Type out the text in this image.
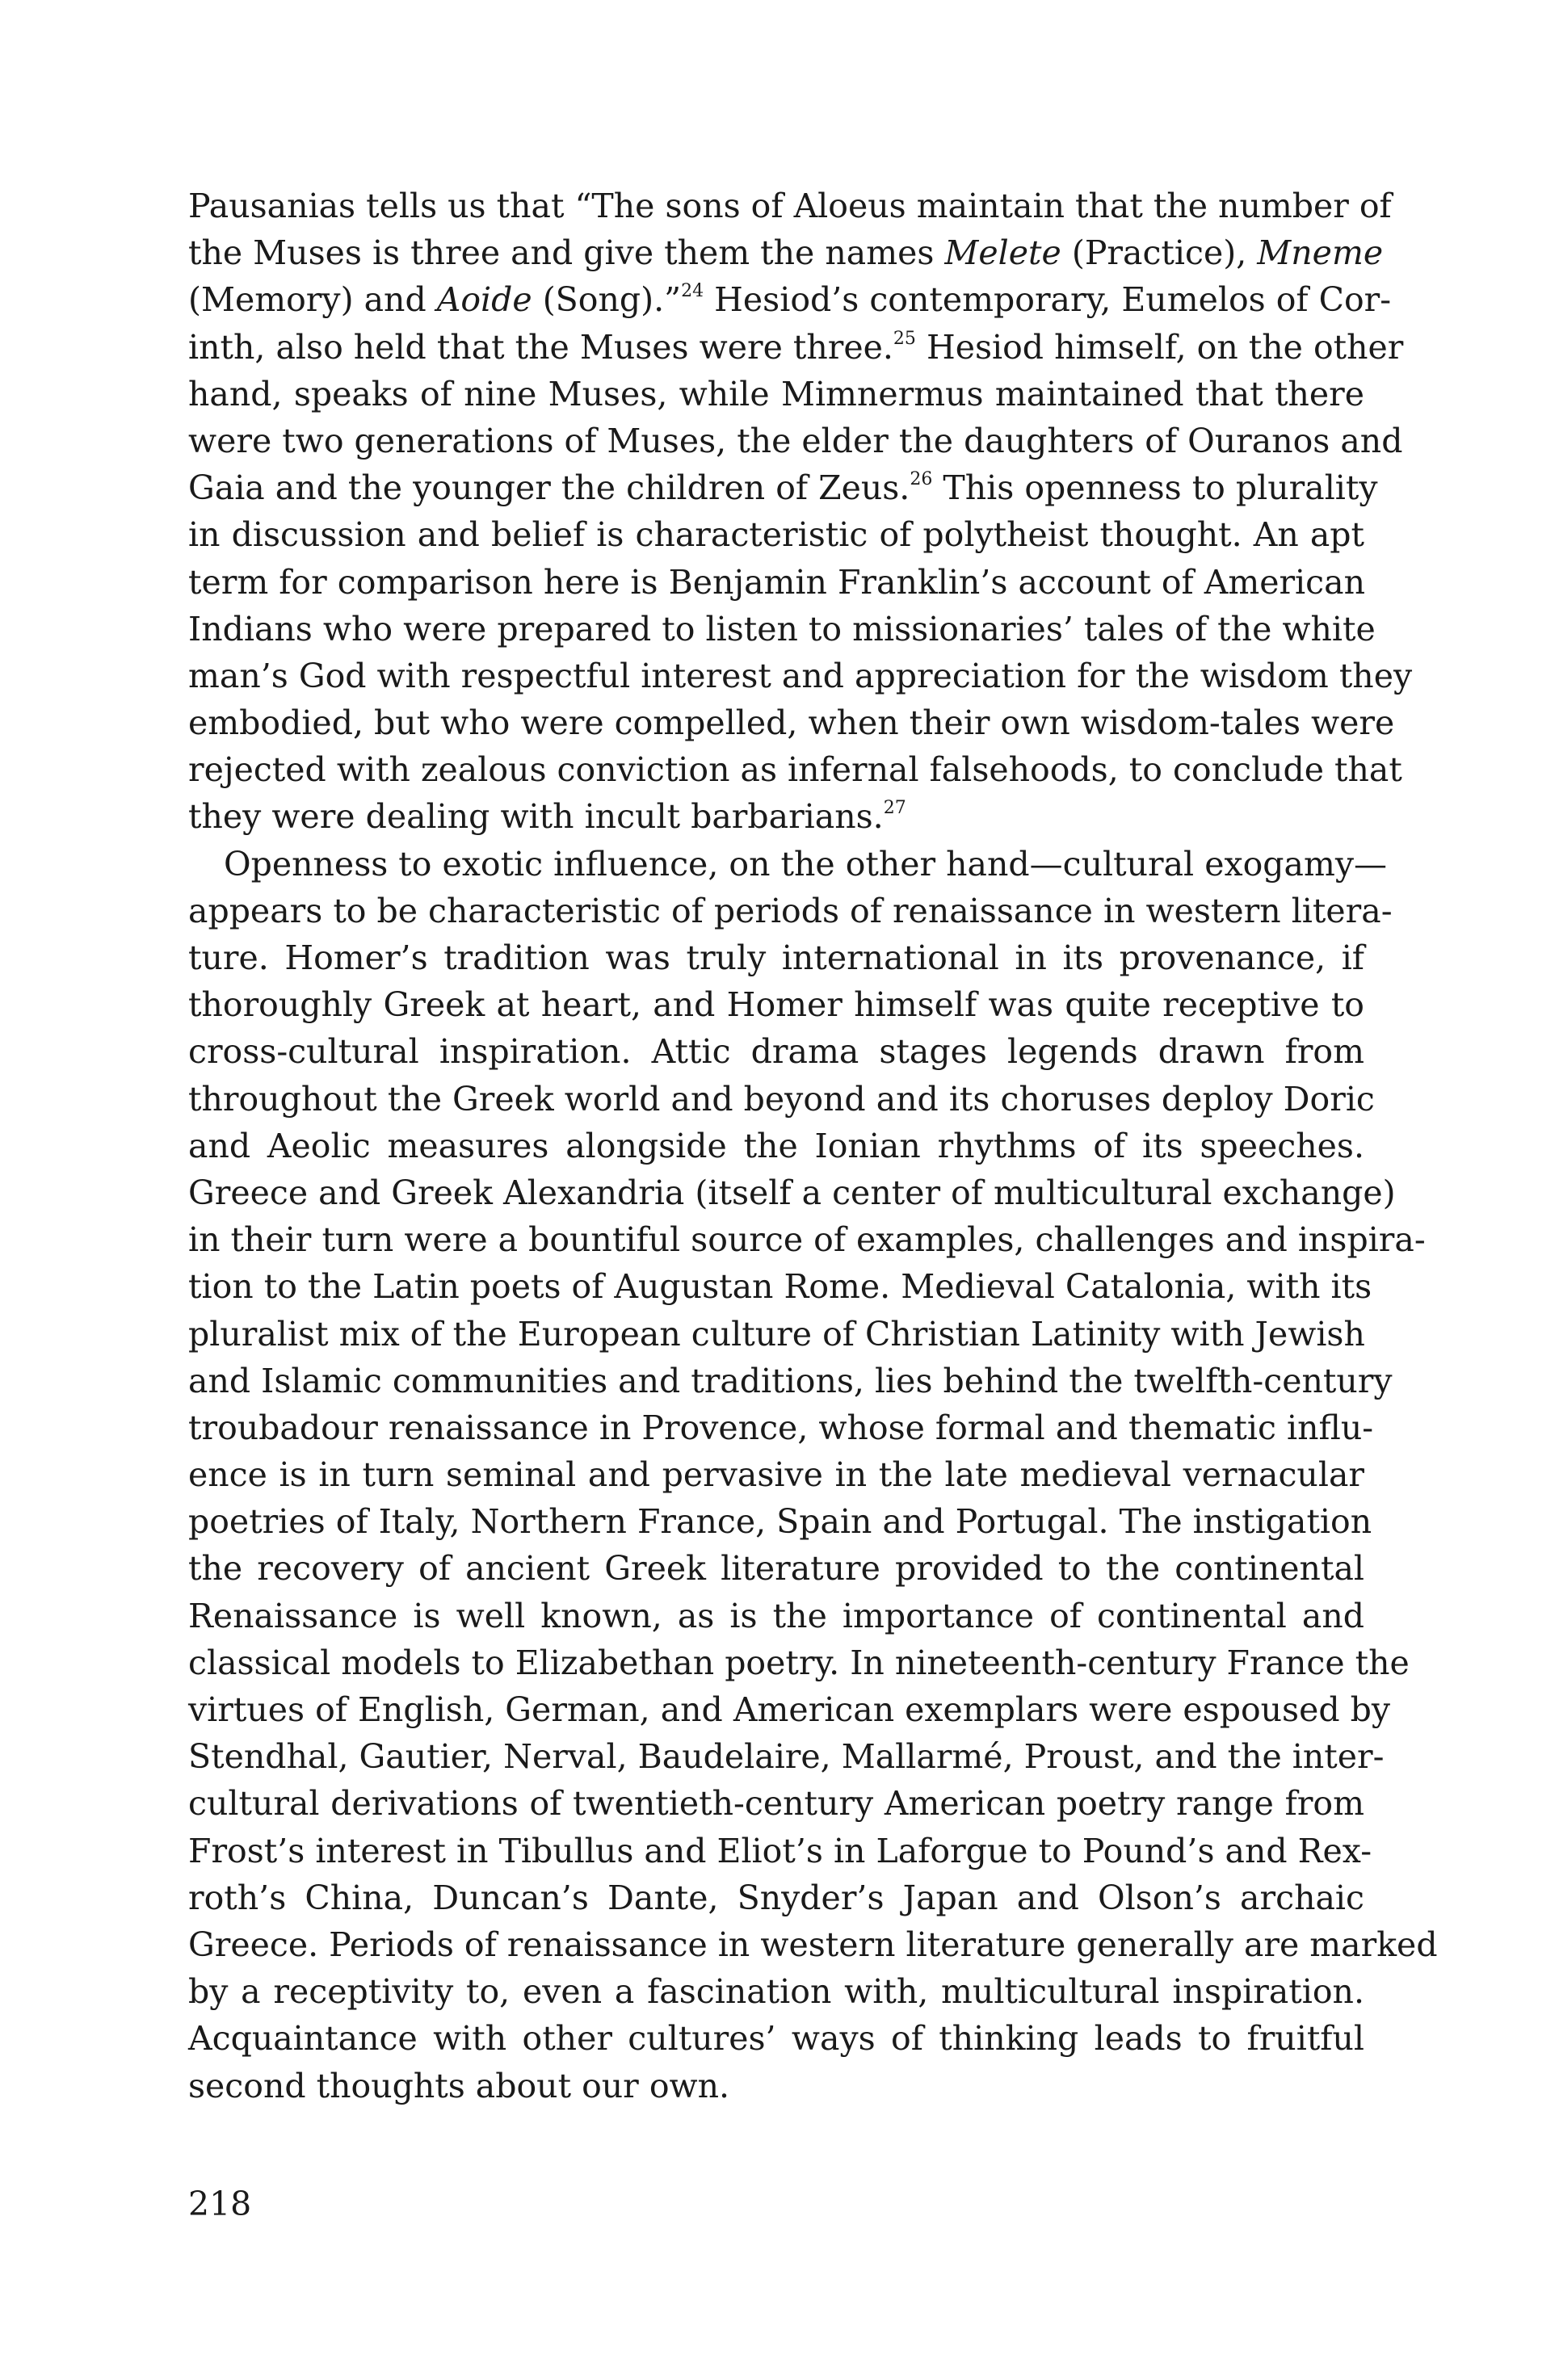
Pausanias tells us that “The sons of Aloeus maintain that the number of
the Muses is three and give them the names Melete (Practice), Mneme
(Memory) and Aoide (Song).”$^{24}$ Hesiod’s contemporary, Eumelos of Cor-
inth, also held that the Muses were three.$^{25}$ Hesiod himself, on the other
hand, speaks of nine Muses, while Mimnermus maintained that there
were two generations of Muses, the elder the daughters of Ouranos and
Gaia and the younger the children of Zeus.$^{26}$ This openness to plurality
in discussion and belief is characteristic of polytheist thought. An apt
term for comparison here is Benjamin Franklin’s account of American
Indians who were prepared to listen to missionaries’ tales of the white
man’s God with respectful interest and appreciation for the wisdom they
embodied, but who were compelled, when their own wisdom-tales were
rejected with zealous conviction as infernal falsehoods, to conclude that
they were dealing with incult barbarians.$^{27}$
Openness to exotic influence, on the other hand—cultural exogamy—
appears to be characteristic of periods of renaissance in western litera-
ture. Homer’s tradition was truly international in its provenance, if
thoroughly Greek at heart, and Homer himself was quite receptive to
cross-cultural inspiration. Attic drama stages legends drawn from
throughout the Greek world and beyond and its choruses deploy Doric
and Aeolic measures alongside the Ionian rhythms of its speeches.
Greece and Greek Alexandria (itself a center of multicultural exchange)
in their turn were a bountiful source of examples, challenges and inspira-
tion to the Latin poets of Augustan Rome. Medieval Catalonia, with its
pluralist mix of the European culture of Christian Latinity with Jewish
and Islamic communities and traditions, lies behind the twelfth-century
troubadour renaissance in Provence, whose formal and thematic influ-
ence is in turn seminal and pervasive in the late medieval vernacular
poetries of Italy, Northern France, Spain and Portugal. The instigation
the recovery of ancient Greek literature provided to the continental
Renaissance is well known, as is the importance of continental and
classical models to Elizabethan poetry. In nineteenth-century France the
virtues of English, German, and American exemplars were espoused by
Stendhal, Gautier, Nerval, Baudelaire, Mallarmé, Proust, and the inter-
cultural derivations of twentieth-century American poetry range from
Frost’s interest in Tibullus and Eliot’s in Laforgue to Pound’s and Rex-
roth’s China, Duncan’s Dante, Snyder’s Japan and Olson’s archaic
Greece. Periods of renaissance in western literature generally are marked
by a receptivity to, even a fascination with, multicultural inspiration.
Acquaintance with other cultures’ ways of thinking leads to fruitful
second thoughts about our own.
218
